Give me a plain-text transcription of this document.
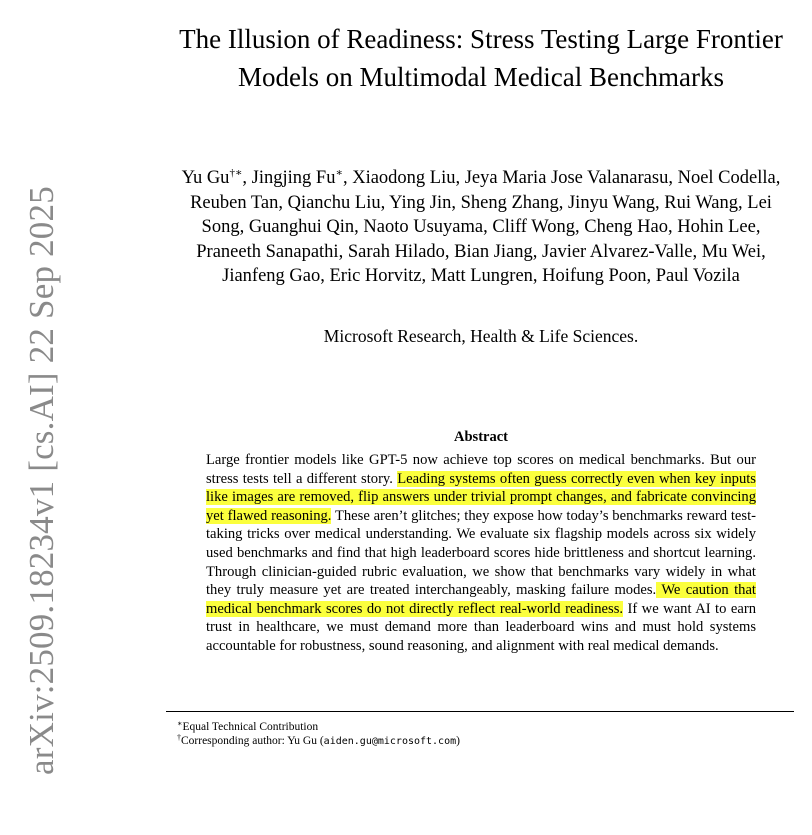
arXiv:2509.18234v1 [cs.AI] 22 Sep 2025
The Illusion of Readiness: Stress Testing Large Frontier Models on Multimodal Medical Benchmarks
Yu Gu†∗, Jingjing Fu∗, Xiaodong Liu, Jeya Maria Jose Valanarasu, Noel Codella, Reuben Tan, Qianchu Liu, Ying Jin, Sheng Zhang, Jinyu Wang, Rui Wang, Lei Song, Guanghui Qin, Naoto Usuyama, Cliff Wong, Cheng Hao, Hohin Lee, Praneeth Sanapathi, Sarah Hilado, Bian Jiang, Javier Alvarez-Valle, Mu Wei, Jianfeng Gao, Eric Horvitz, Matt Lungren, Hoifung Poon, Paul Vozila
Microsoft Research, Health & Life Sciences.
Abstract
Large frontier models like GPT-5 now achieve top scores on medical benchmarks. But our stress tests tell a different story. Leading systems often guess correctly even when key inputs like images are removed, flip answers under trivial prompt changes, and fabricate convincing yet flawed reasoning. These aren’t glitches; they expose how today’s benchmarks reward test-taking tricks over medical understanding. We evaluate six flagship models across six widely used benchmarks and find that high leaderboard scores hide brittleness and shortcut learning. Through clinician-guided rubric evaluation, we show that benchmarks vary widely in what they truly measure yet are treated interchangeably, masking failure modes. We caution that medical benchmark scores do not directly reflect real-world readiness. If we want AI to earn trust in healthcare, we must demand more than leaderboard wins and must hold systems accountable for robustness, sound reasoning, and alignment with real medical demands.
∗Equal Technical Contribution
†Corresponding author: Yu Gu (aiden.gu@microsoft.com)
